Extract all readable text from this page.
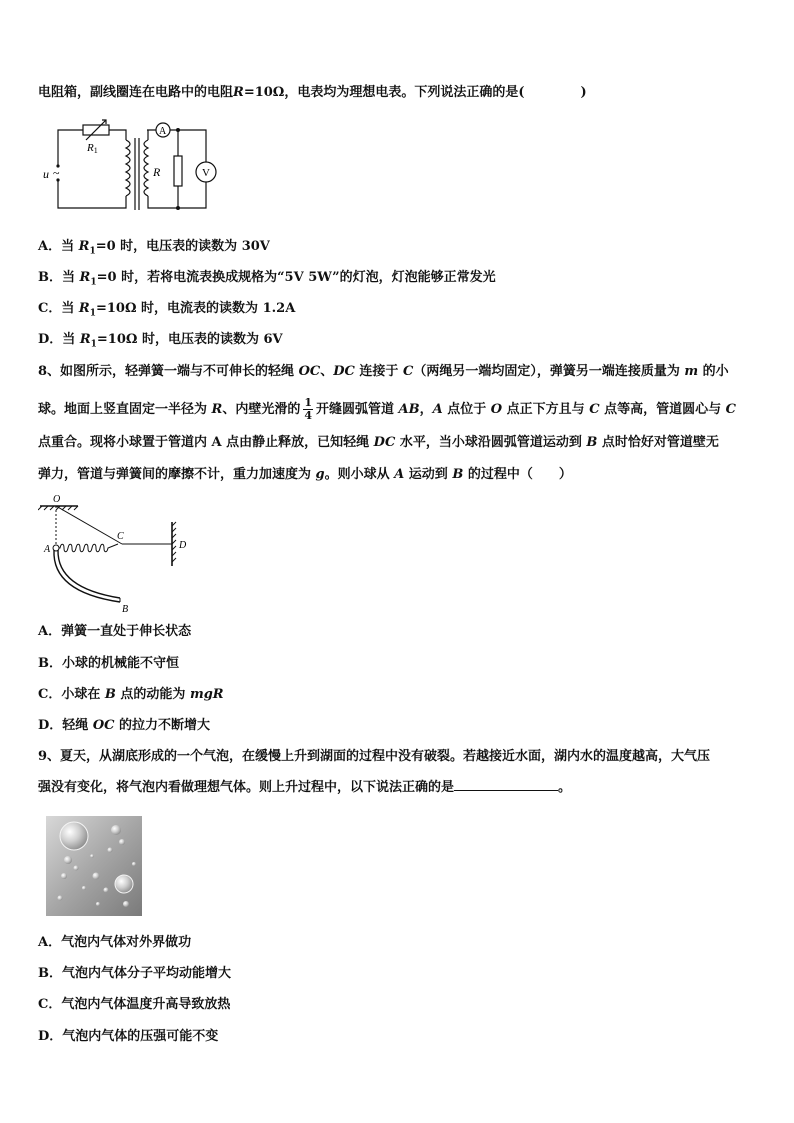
电阻箱，副线圈连在电路中的电阻R=10Ω，电表均为理想电表。下列说法正确的是(	)
R1
u ~	R
A
V
A．当 $R_1=0$ 时，电压表的读数为 30V
B．当 $R_1=0$ 时，若将电流表换成规格为“5V 5W”的灯泡，灯泡能够正常发光
C．当 $R_1=10\Omega$ 时，电流表的读数为 1.2A
D．当 $R_1=10\Omega$ 时，电压表的读数为 6V
8、如图所示，轻弹簧一端与不可伸长的轻绳 OC、DC 连接于 C（两绳另一端均固定），弹簧另一端连接质量为 m 的小
球。地面上竖直固定一半径为 R、内壁光滑的 $\frac{1}{4}$ 开缝圆弧管道 AB，A 点位于 O 点正下方且与 C 点等高，管道圆心与 C
点重合。现将小球置于管道内 A 点由静止释放，已知轻绳 DC 水平，当小球沿圆弧管道运动到 B 点时恰好对管道壁无
弹力，管道与弹簧间的摩擦不计，重力加速度为 g。则小球从 A 运动到 B 的过程中（　　）
O
A
C
D
B
A．弹簧一直处于伸长状态
B．小球的机械能不守恒
C．小球在 B 点的动能为 mgR
D．轻绳 OC 的拉力不断增大
9、夏天，从湖底形成的一个气泡，在缓慢上升到湖面的过程中没有破裂。若越接近水面，湖内水的温度越高，大气压
强没有变化，将气泡内看做理想气体。则上升过程中，以下说法正确的是	。
A．气泡内气体对外界做功
B．气泡内气体分子平均动能增大
C．气泡内气体温度升高导致放热
D．气泡内气体的压强可能不变
